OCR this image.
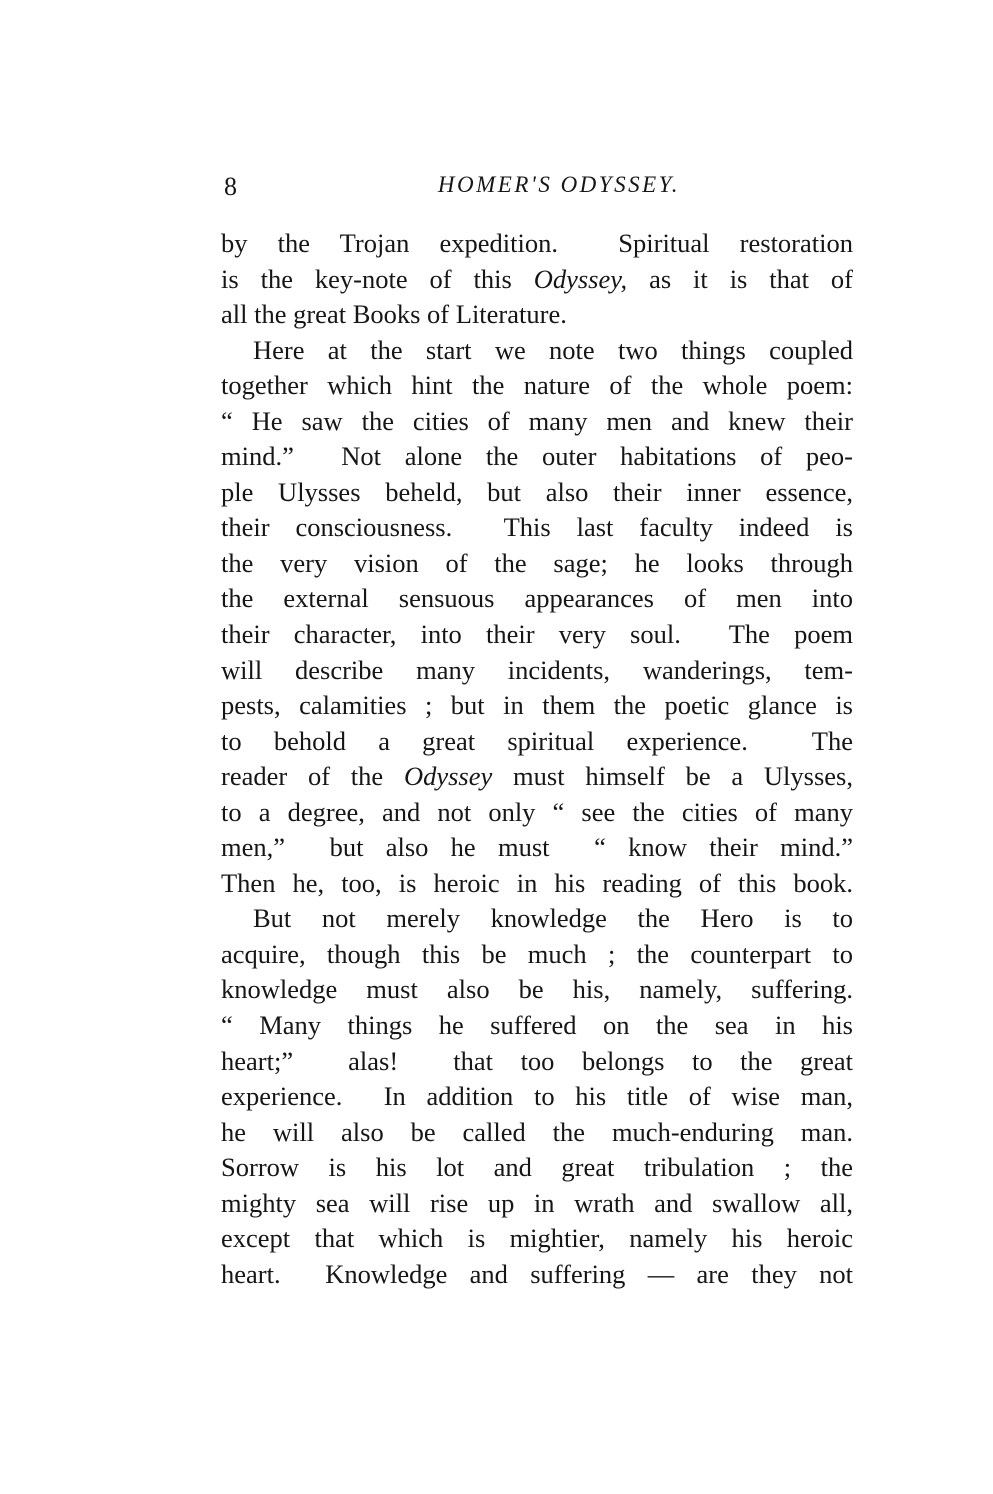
8	HOMER'S ODYSSEY.
by the Trojan expedition.  Spiritual restoration
is the key-note of this Odyssey, as it is that of
all the great Books of Literature.
Here at the start we note two things coupled
together which hint the nature of the whole poem:
“ He saw the cities of many men and knew their
mind.”  Not alone the outer habitations of peo-
ple Ulysses beheld, but also their inner essence,
their consciousness.  This last faculty indeed is
the very vision of the sage; he looks through
the external sensuous appearances of men into
their character, into their very soul.  The poem
will describe many incidents, wanderings, tem-
pests, calamities ; but in them the poetic glance is
to behold a great spiritual experience.  The
reader of the Odyssey must himself be a Ulysses,
to a degree, and not only “ see the cities of many
men,”  but also he must  “ know their mind.”
Then he, too, is heroic in his reading of this book.
But not merely knowledge the Hero is to
acquire, though this be much ; the counterpart to
knowledge must also be his, namely, suffering.
“ Many things he suffered on the sea in his
heart;”  alas!  that too belongs to the great
experience.  In addition to his title of wise man,
he will also be called the much-enduring man.
Sorrow is his lot and great tribulation ; the
mighty sea will rise up in wrath and swallow all,
except that which is mightier, namely his heroic
heart.  Knowledge and suffering — are they not
